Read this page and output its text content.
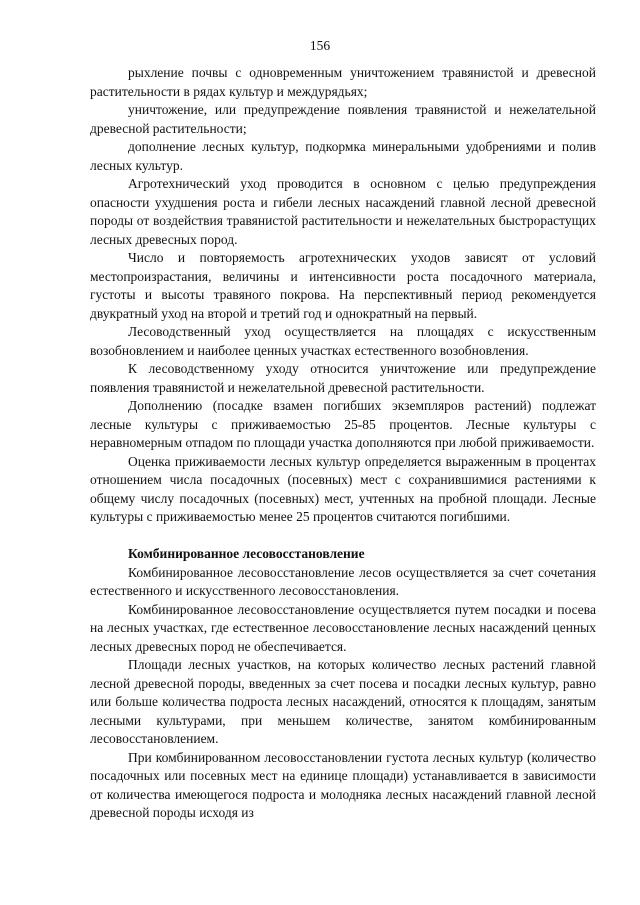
156

рыхление почвы с одновременным уничтожением травянистой и древесной растительности в рядах культур и междурядьях;

уничтожение, или предупреждение появления травянистой и нежелательной древесной растительности;

дополнение лесных культур, подкормка минеральными удобрениями и полив лесных культур.

Агротехнический уход проводится в основном с целью предупреждения опасности ухудшения роста и гибели лесных насаждений главной лесной древесной породы от воздействия травянистой растительности и нежелательных быстрорастущих лесных древесных пород.

Число и повторяемость агротехнических уходов зависят от условий местопроизрастания, величины и интенсивности роста посадочного материала, густоты и высоты травяного покрова. На перспективный период рекомендуется двукратный уход на второй и третий год и однократный на первый.

Лесоводственный уход осуществляется на площадях с искусственным возобновлением и наиболее ценных участках естественного возобновления.

К лесоводственному уходу относится уничтожение или предупреждение появления травянистой и нежелательной древесной растительности.

Дополнению (посадке взамен погибших экземпляров растений) подлежат лесные культуры с приживаемостью 25-85 процентов. Лесные культуры с неравномерным отпадом по площади участка дополняются при любой приживаемости.

Оценка приживаемости лесных культур определяется выраженным в процентах отношением числа посадочных (посевных) мест с сохранившимися растениями к общему числу посадочных (посевных) мест, учтенных на пробной площади. Лесные культуры с приживаемостью менее 25 процентов считаются погибшими.

Комбинированное лесовосстановление

Комбинированное лесовосстановление лесов осуществляется за счет сочетания естественного и искусственного лесовосстановления.

Комбинированное лесовосстановление осуществляется путем посадки и посева на лесных участках, где естественное лесовосстановление лесных насаждений ценных лесных древесных пород не обеспечивается.

Площади лесных участков, на которых количество лесных растений главной лесной древесной породы, введенных за счет посева и посадки лесных культур, равно или больше количества подроста лесных насаждений, относятся к площадям, занятым лесными культурами, при меньшем количестве, занятом комбинированным лесовосстановлением.

При комбинированном лесовосстановлении густота лесных культур (количество посадочных или посевных мест на единице площади) устанавливается в зависимости от количества имеющегося подроста и молодняка лесных насаждений главной лесной древесной породы исходя из
